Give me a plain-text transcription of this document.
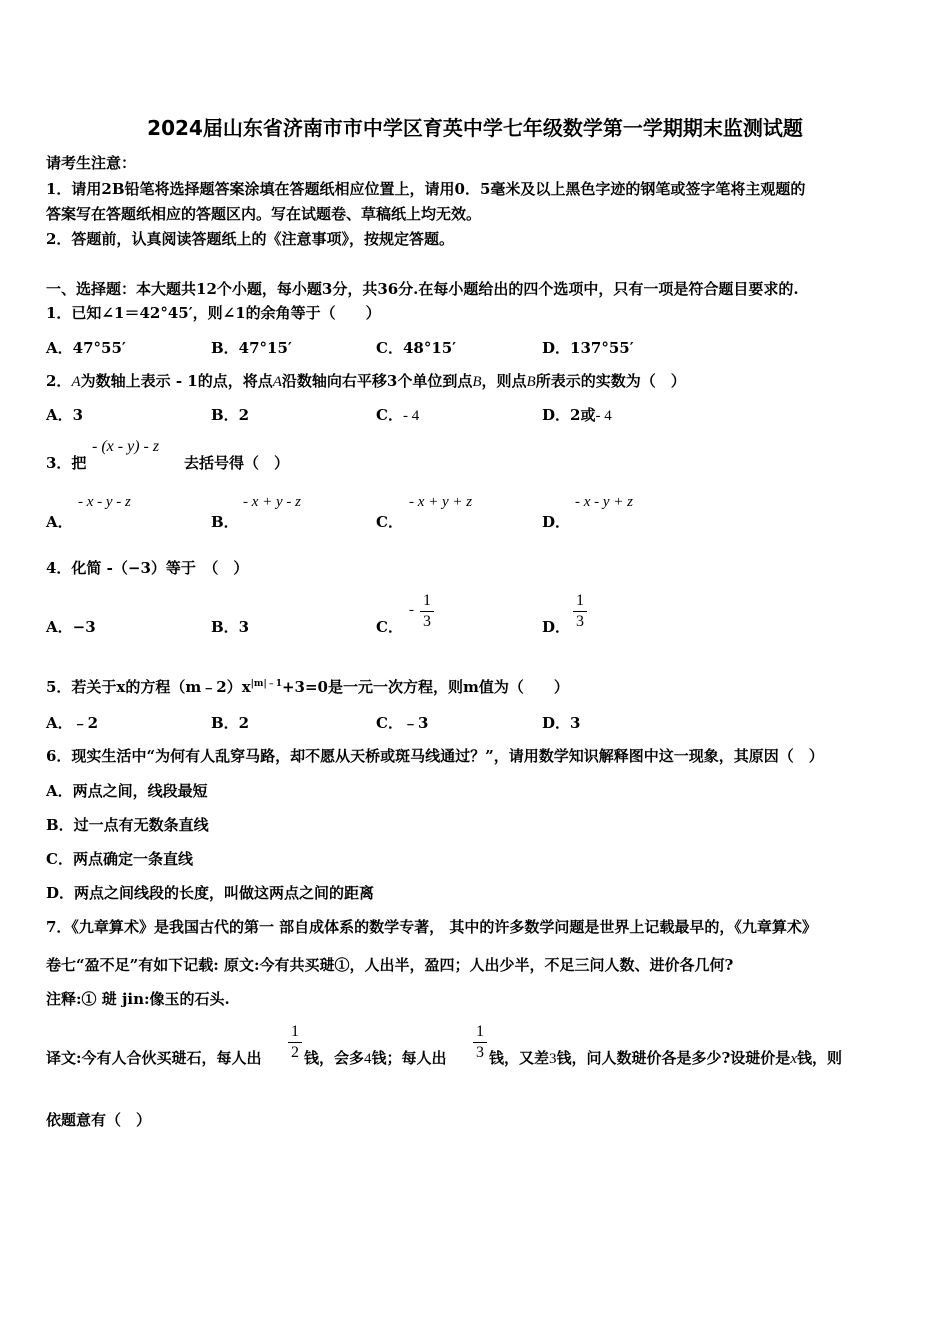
2024届山东省济南市市中学区育英中学七年级数学第一学期期末监测试题
请考生注意：
1．请用2B铅笔将选择题答案涂填在答题纸相应位置上，请用0．5毫米及以上黑色字迹的钢笔或签字笔将主观题的
答案写在答题纸相应的答题区内。写在试题卷、草稿纸上均无效。
2．答题前，认真阅读答题纸上的《注意事项》，按规定答题。
一、选择题：本大题共12个小题，每小题3分，共36分.在每小题给出的四个选项中，只有一项是符合题目要求的.
1．已知∠1＝42°45′，则∠1的余角等于（　　）
A．47°55′	B．47°15′	C．48°15′	D．137°55′
2．A为数轴上表示 - 1的点，将点A沿数轴向右平移3个单位到点B，则点B所表示的实数为（　）
A．3	B．2	C．- 4	D．2或- 4
3．把
- (x - y) - z
去括号得（　）
A．
- x - y - z
B．
- x + y - z
C．
- x + y + z
D．
- x - y + z
4．化简 -（−3）等于　（　）
A．−3	B．3	C．
-
1
3	D．
1
3
5．若关于x的方程$(m﹣2)x^{|m|﹣1}+3=0$是一元一次方程，则m值为（　　）
A．﹣2	B．2	C．﹣3	D．3
6．现实生活中“为何有人乱穿马路，却不愿从天桥或斑马线通过？”，请用数学知识解释图中这一现象，其原因（　）
A．两点之间，线段最短
B．过一点有无数条直线
C．两点确定一条直线
D．两点之间线段的长度，叫做这两点之间的距离
7．《九章算术》是我国古代的第一 部自成体系的数学专著， 其中的许多数学问题是世界上记载最早的，《九章算术》
卷七“盈不足”有如下记载: 原文:今有共买琎①，人出半，盈四；人出少半，不足三问人数、进价各几何?
注释:① 琎 jin:像玉的石头.
译文:今有人合伙买琎石，每人出
1
2 钱，会多4钱；每人出
1
3 钱，又差3钱，问人数琎价各是多少?设琎价是x钱，则
依题意有（　）
